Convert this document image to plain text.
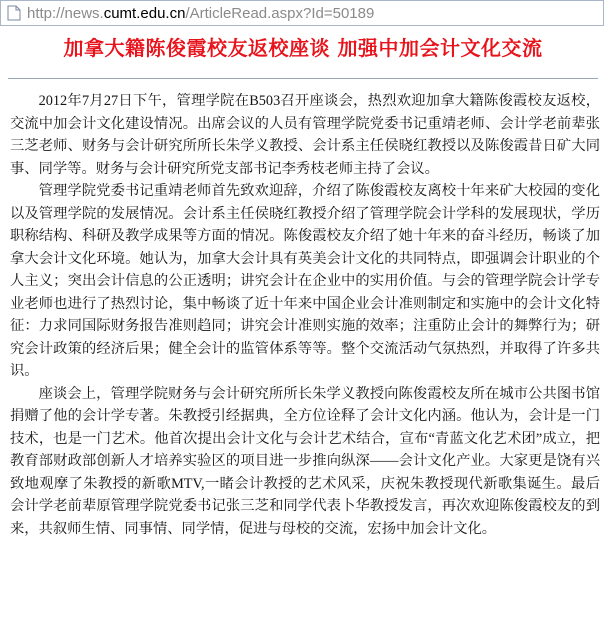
http://news.cumt.edu.cn/ArticleRead.aspx?Id=50189
加拿大籍陈俊霞校友返校座谈 加强中加会计文化交流

2012年7月27日下午，管理学院在B503召开座谈会，热烈欢迎加拿大籍陈俊霞校友返校，交流中加会计文化建设情况。出席会议的人员有管理学院党委书记重靖老师、会计学老前辈张三芝老师、财务与会计研究所所长朱学义教授、会计系主任侯晓红教授以及陈俊霞昔日矿大同事、同学等。财务与会计研究所党支部书记李秀枝老师主持了会议。

管理学院党委书记重靖老师首先致欢迎辞，介绍了陈俊霞校友离校十年来矿大校园的变化以及管理学院的发展情况。会计系主任侯晓红教授介绍了管理学院会计学科的发展现状，学历职称结构、科研及教学成果等方面的情况。陈俊霞校友介绍了她十年来的奋斗经历，畅谈了加拿大会计文化环境。她认为，加拿大会计具有英美会计文化的共同特点，即强调会计职业的个人主义；突出会计信息的公正透明；讲究会计在企业中的实用价值。与会的管理学院会计学专业老师也进行了热烈讨论，集中畅谈了近十年来中国企业会计准则制定和实施中的会计文化特征：力求同国际财务报告准则趋同；讲究会计准则实施的效率；注重防止会计的舞弊行为；研究会计政策的经济后果；健全会计的监管体系等等。整个交流活动气氛热烈，并取得了许多共识。

座谈会上，管理学院财务与会计研究所所长朱学义教授向陈俊霞校友所在城市公共图书馆捐赠了他的会计学专著。朱教授引经据典，全方位诠释了会计文化内涵。他认为，会计是一门技术，也是一门艺术。他首次提出会计文化与会计艺术结合，宣布“青蓝文化艺术团”成立，把教育部财政部创新人才培养实验区的项目进一步推向纵深——会计文化产业。大家更是饶有兴致地观摩了朱教授的新歌MTV,一睹会计教授的艺术风采，庆祝朱教授现代新歌集诞生。最后会计学老前辈原管理学院党委书记张三芝和同学代表卜华教授发言，再次欢迎陈俊霞校友的到来，共叙师生情、同事情、同学情，促进与母校的交流，宏扬中加会计文化。
